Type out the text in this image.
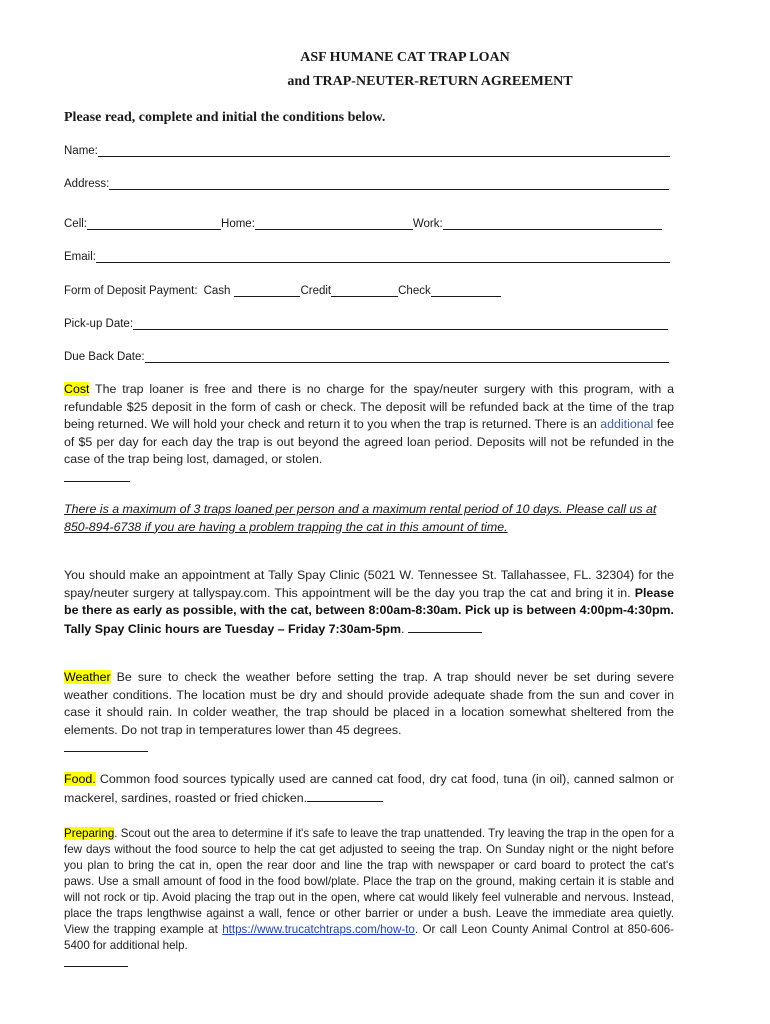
ASF HUMANE CAT TRAP LOAN
and TRAP-NEUTER-RETURN AGREEMENT
Please read, complete and initial the conditions below.
Name:
Address:
Cell:	Home:	Work:
Email:
Form of Deposit Payment: Cash	Credit	Check
Pick-up Date:
Due Back Date:
Cost The trap loaner is free and there is no charge for the spay/neuter surgery with this program, with a refundable $25 deposit in the form of cash or check. The deposit will be refunded back at the time of the trap being returned. We will hold your check and return it to you when the trap is returned. There is an additional fee of $5 per day for each day the trap is out beyond the agreed loan period. Deposits will not be refunded in the case of the trap being lost, damaged, or stolen.

There is a maximum of 3 traps loaned per person and a maximum rental period of 10 days. Please call us at 850-894-6738 if you are having a problem trapping the cat in this amount of time.
You should make an appointment at Tally Spay Clinic (5021 W. Tennessee St. Tallahassee, FL. 32304) for the spay/neuter surgery at tallyspay.com. This appointment will be the day you trap the cat and bring it in. Please be there as early as possible, with the cat, between 8:00am-8:30am. Pick up is between 4:00pm-4:30pm. Tally Spay Clinic hours are Tuesday – Friday 7:30am-5pm.
Weather Be sure to check the weather before setting the trap. A trap should never be set during severe weather conditions. The location must be dry and should provide adequate shade from the sun and cover in case it should rain. In colder weather, the trap should be placed in a location somewhat sheltered from the elements. Do not trap in temperatures lower than 45 degrees.

Food. Common food sources typically used are canned cat food, dry cat food, tuna (in oil), canned salmon or mackerel, sardines, roasted or fried chicken.
Preparing. Scout out the area to determine if it's safe to leave the trap unattended. Try leaving the trap in the open for a few days without the food source to help the cat get adjusted to seeing the trap. On Sunday night or the night before you plan to bring the cat in, open the rear door and line the trap with newspaper or card board to protect the cat's paws. Use a small amount of food in the food bowl/plate. Place the trap on the ground, making certain it is stable and will not rock or tip. Avoid placing the trap out in the open, where cat would likely feel vulnerable and nervous. Instead, place the traps lengthwise against a wall, fence or other barrier or under a bush. Leave the immediate area quietly. View the trapping example at https://www.trucatchtraps.com/how-to. Or call Leon County Animal Control at 850-606-5400 for additional help.
